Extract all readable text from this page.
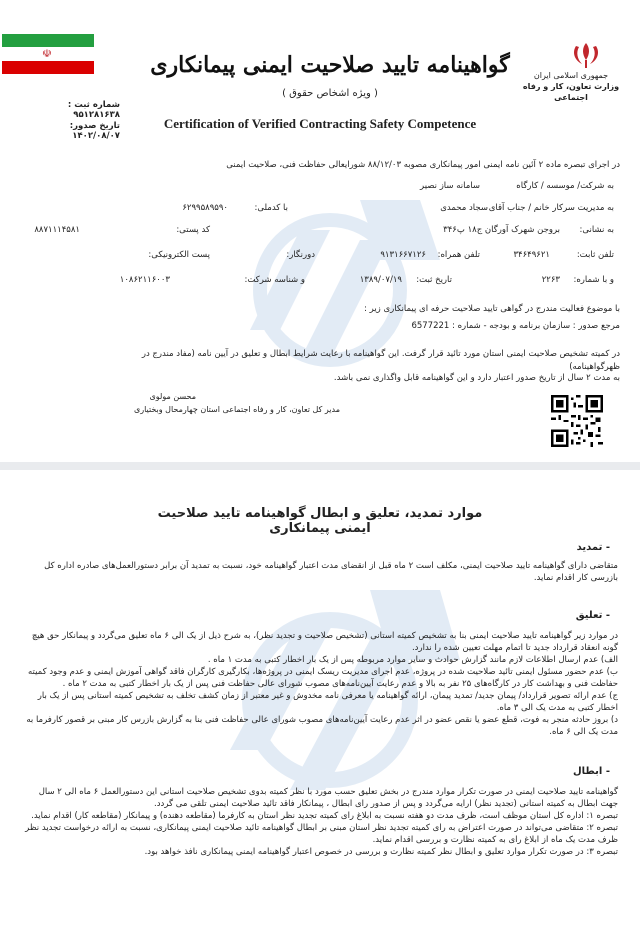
☫	گواهینامه تایید صلاحیت ایمنی پیمانکاری
( ویژه اشخاص حقوق )
Certification of Verified Contracting Safety Competence
جمهوری اسلامی ایران
وزارت تعاون، کار و رفاه اجتماعی
شماره ثبت : ۹۵۱۲۸۱۶۳۸
تاریخ صدور: ۱۴۰۲/۰۸/۰۷
در اجرای تبصره ماده ۲ آئین نامه ایمنی امور پیمانکاری مصوبه ۸۸/۱۲/۰۳ شورایعالی حفاظت فنی، صلاحیت ایمنی
به شرکت/ موسسه / کارگاه
سامانه ساز نصیر
به مدیریت سرکار خانم / جناب آقای
سجاد محمدی
با کدملی:
۶۲۹۹۵۸۹۵۹۰
به نشانی:
بروجن شهرک آورگان ج۱۸ پ۳۴۶
کد پستی:
۸۸۷۱۱۱۴۵۸۱
تلفن ثابت:
۳۴۶۴۹۶۲۱
تلفن همراه:
۹۱۳۱۶۶۷۱۲۶
دورنگار:
پست الکترونیکی:
و با شماره:
۲۲۶۳
تاریخ ثبت:
۱۳۸۹/۰۷/۱۹
و شناسه شرکت:
۱۰۸۶۲۱۱۶۰۰۳
با موضوع فعالیت مندرج در گواهی تایید صلاحیت حرفه ای پیمانکاری زیر :
مرجع صدور : سازمان برنامه و بودجه - شماره : 6577221
در کمیته تشخیص صلاحیت ایمنی استان مورد تائید قرار گرفت. این گواهینامه با رعایت شرایط ابطال و تعلیق در آیین نامه (مفاد مندرج در ظهرگواهینامه)
به مدت ۲ سال از تاریخ صدور اعتبار دارد و این گواهینامه قابل واگذاری نمی باشد.
محسن مولوی
مدیر کل تعاون، کار و رفاه اجتماعی استان چهارمحال وبختیاری
موارد تمدید، تعلیق و ابطال گواهینامه تایید صلاحیت ایمنی پیمانکاری
- تمدید
متقاضی دارای گواهینامه تایید صلاحیت ایمنی، مکلف است ۲ ماه قبل از انقضای مدت اعتبار گواهینامه خود، نسبت به تمدید آن برابر دستورالعمل‌های صادره اداره کل بازرسی کار اقدام نماید.
- تعلیق
در موارد زیر گواهینامه تایید صلاحیت ایمنی بنا به تشخیص کمیته استانی (تشخیص صلاحیت و تجدید نظر)، به شرح ذیل از یک الی ۶ ماه تعلیق می‌گردد و پیمانکار حق هیچ گونه انعقاد قرارداد جدید تا اتمام مهلت تعیین شده را ندارد.
الف) عدم ارسال اطلاعات لازم مانند گزارش حوادث و سایر موارد مربوطه پس از یک بار اخطار کتبی به مدت ۱ ماه .
ب) عدم حضور مسئول ایمنی تائید صلاحیت شده در پروژه، عدم اجرای مدیریت ریسک ایمنی در پروژه‌ها، بکارگیری کارگران فاقد گواهی آموزش ایمنی و عدم وجود کمیته حفاظت فنی و بهداشت کار در کارگاه‌های ۲۵ نفر به بالا و عدم رعایت آیین‌نامه‌های مصوب شورای عالی حفاظت فنی پس از یک بار اخطار کتبی به مدت ۲ ماه .
ج) عدم ارائه تصویر قرارداد/ پیمان جدید/ تمدید پیمان، ارائه گواهینامه یا معرفی نامه مخدوش و غیر معتبر از زمان کشف تخلف به تشخیص کمیته استانی پس از یک بار اخطار کتبی به مدت یک الی ۳ ماه.
د) بروز حادثه منجر به فوت، قطع عضو یا نقص عضو در اثر عدم رعایت آیین‌نامه‌های مصوب شورای عالی حفاظت فنی بنا به گزارش بازرس کار مبنی بر قصور کارفرما به مدت یک الی ۶ ماه.
- ابطال
گواهینامه تایید صلاحیت ایمنی در صورت تکرار موارد مندرج در بخش تعلیق حسب مورد با نظر کمیته بدوی تشخیص صلاحیت استانی این دستورالعمل ۶ ماه الی ۲ سال جهت ابطال به کمیته استانی (تجدید نظر) ارایه می‌گردد و پس از صدور رای ابطال ، پیمانکار فاقد تائید صلاحیت ایمنی تلقی می گردد.
تبصره ۱: اداره کل استان موظف است، ظرف مدت دو هفته نسبت به ابلاغ رای کمیته تجدید نظر استان به کارفرما (مقاطعه دهنده) و پیمانکار (مقاطعه کار) اقدام نماید.
تبصره ۲: متقاضی می‌تواند در صورت اعتراض به رای کمیته تجدید نظر استان مبنی بر ابطال گواهینامه تائید صلاحیت ایمنی پیمانکاری، نسبت به ارائه درخواست تجدید نظر ظرف مدت یک ماه از ابلاغ رای به کمیته نظارت و بررسی اقدام نماید.
تبصره ۳: در صورت تکرار موارد تعلیق و ابطال نظر کمیته نظارت و بررسی در خصوص اعتبار گواهینامه ایمنی پیمانکاری نافذ خواهد بود.
